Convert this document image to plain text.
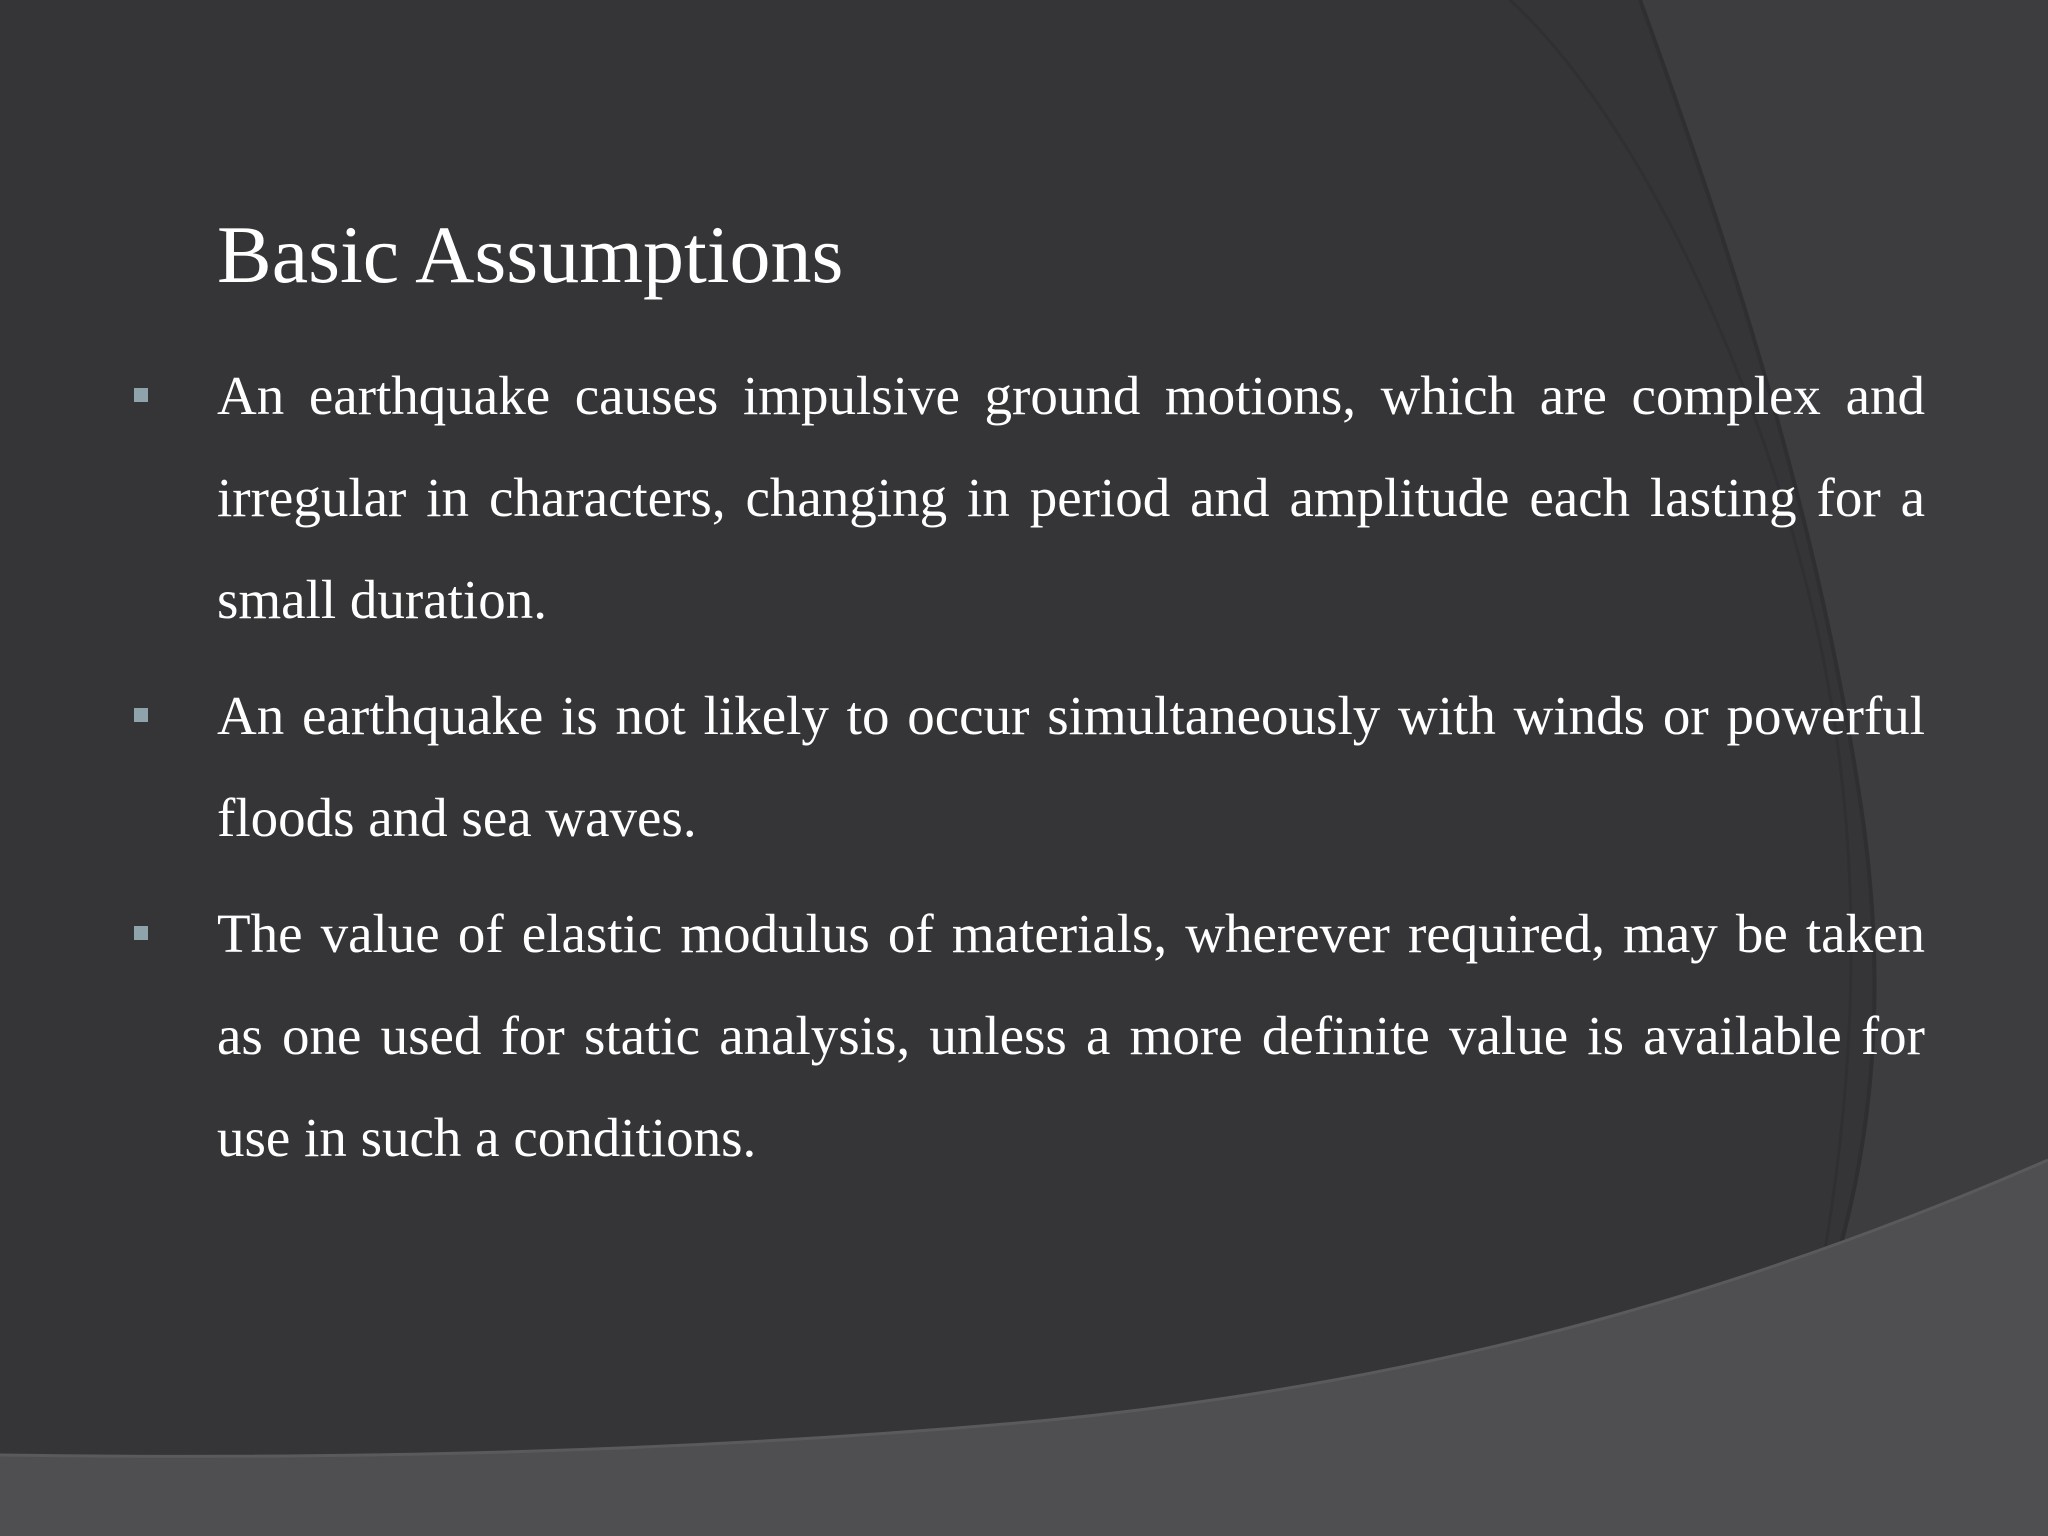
Basic Assumptions
An earthquake causes impulsive ground motions, which are complex and irregular in characters, changing in period and amplitude each lasting for a small duration.
An earthquake is not likely to occur simultaneously with winds or powerful floods and sea waves.
The value of elastic modulus of materials, wherever required, may be taken as one used for static analysis, unless a more definite value is available for use in such a conditions.
